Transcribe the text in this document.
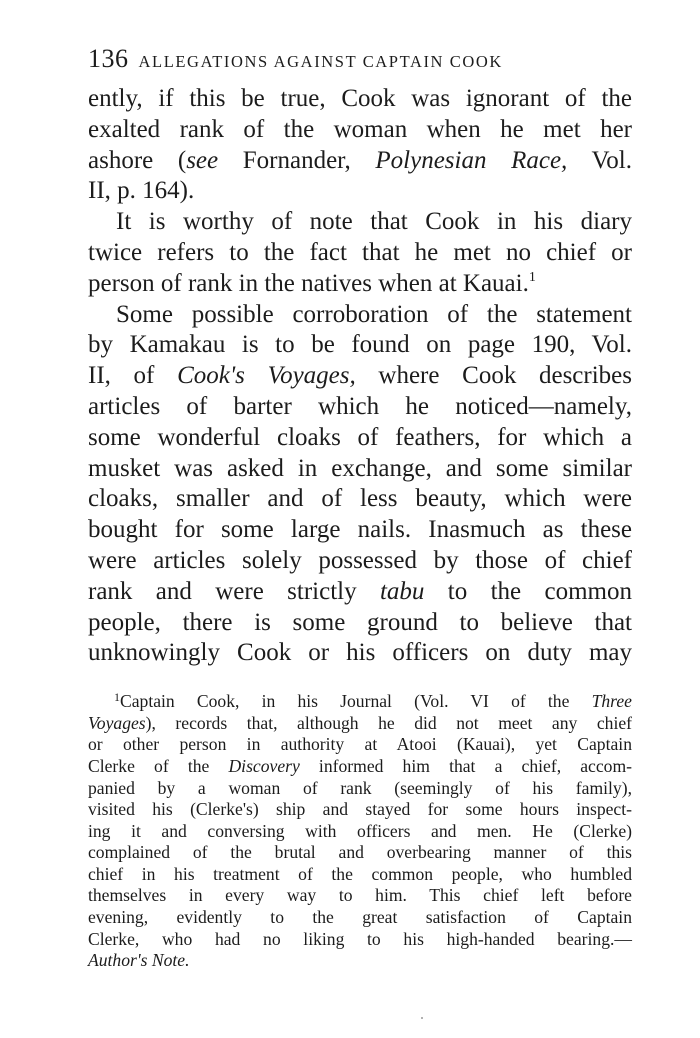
136 ALLEGATIONS AGAINST CAPTAIN COOK
ently, if this be true, Cook was ignorant of the
exalted rank of the woman when he met her
ashore (see Fornander, Polynesian Race, Vol.
II, p. 164).
It is worthy of note that Cook in his diary
twice refers to the fact that he met no chief or
person of rank in the natives when at Kauai.$^1$
Some possible corroboration of the statement
by Kamakau is to be found on page 190, Vol.
II, of Cook's Voyages, where Cook describes
articles of barter which he noticed—namely,
some wonderful cloaks of feathers, for which a
musket was asked in exchange, and some similar
cloaks, smaller and of less beauty, which were
bought for some large nails. Inasmuch as these
were articles solely possessed by those of chief
rank and were strictly tabu to the common
people, there is some ground to believe that
unknowingly Cook or his officers on duty may
$^1$Captain Cook, in his Journal (Vol. VI of the Three
Voyages), records that, although he did not meet any chief
or other person in authority at Atooi (Kauai), yet Captain
Clerke of the Discovery informed him that a chief, accom-
panied by a woman of rank (seemingly of his family),
visited his (Clerke's) ship and stayed for some hours inspect-
ing it and conversing with officers and men. He (Clerke)
complained of the brutal and overbearing manner of this
chief in his treatment of the common people, who humbled
themselves in every way to him. This chief left before
evening, evidently to the great satisfaction of Captain
Clerke, who had no liking to his high-handed bearing.—
Author's Note.
